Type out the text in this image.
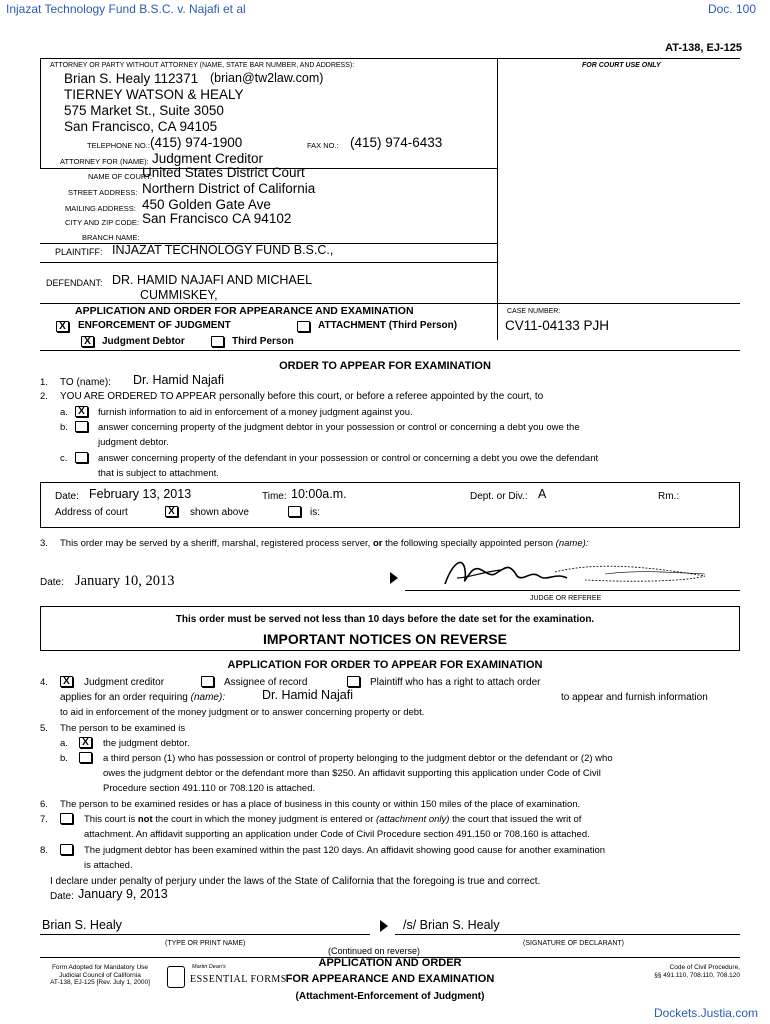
Injazat Technology Fund B.S.C. v. Najafi et al	Doc. 100
AT-138, EJ-125
ATTORNEY OR PARTY WITHOUT ATTORNEY (NAME, STATE BAR NUMBER, AND ADDRESS):	FOR COURT USE ONLY
Brian S. Healy 112371 (brian@tw2law.com)
TIERNEY WATSON & HEALY
575 Market St., Suite 3050
San Francisco, CA 94105
TELEPHONE NO.: (415) 974-1900	FAX NO.: (415) 974-6433
ATTORNEY FOR (NAME): Judgment Creditor
NAME OF COURT:
United States District Court
STREET ADDRESS: Northern District of California
MAILING ADDRESS: 450 Golden Gate Ave
CITY AND ZIP CODE: San Francisco CA 94102
BRANCH NAME:
PLAINTIFF: INJAZAT TECHNOLOGY FUND B.S.C.,
DEFENDANT: DR. HAMID NAJAFI AND MICHAEL
CUMMISKEY,
APPLICATION AND ORDER FOR APPEARANCE AND EXAMINATION	CASE NUMBER:
CV11-04133 PJH
X	ENFORCEMENT OF JUDGMENT	ATTACHMENT (Third Person)
X	Judgment Debtor	Third Person
ORDER TO APPEAR FOR EXAMINATION
1. TO (name): Dr. Hamid Najafi
2. YOU ARE ORDERED TO APPEAR personally before this court, or before a referee appointed by the court, to
a.	X	furnish information to aid in enforcement of a money judgment against you.
b.	answer concerning property of the judgment debtor in your possession or control or concerning a debt you owe the
judgment debtor.
c.	answer concerning property of the defendant in your possession or control or concerning a debt you owe the defendant
that is subject to attachment.
Date: February 13, 2013	Time: 10:00a.m.	Dept. or Div.: A	Rm.:
Address of court	X	shown above	is:
3. This order may be served by a sheriff, marshal, registered process server, or the following specially appointed person (name):
Date: January 10, 2013
JUDGE OR REFEREE
This order must be served not less than 10 days before the date set for the examination.
IMPORTANT NOTICES ON REVERSE
APPLICATION FOR ORDER TO APPEAR FOR EXAMINATION
4.	X	Judgment creditor	Assignee of record	Plaintiff who has a right to attach order
applies for an order requiring (name):	Dr. Hamid Najafi	to appear and furnish information
to aid in enforcement of the money judgment or to answer concerning property or debt.
5. The person to be examined is
a.	X	the judgment debtor.
b.	a third person (1) who has possession or control of property belonging to the judgment debtor or the defendant or (2) who
owes the judgment debtor or the defendant more than $250. An affidavit supporting this application under Code of Civil
Procedure section 491.110 or 708.120 is attached.
6. The person to be examined resides or has a place of business in this county or within 150 miles of the place of examination.
7.	This court is not the court in which the money judgment is entered or (attachment only) the court that issued the writ of
attachment. An affidavit supporting an application under Code of Civil Procedure section 491.150 or 708.160 is attached.
8.	The judgment debtor has been examined within the past 120 days. An affidavit showing good cause for another examination
is attached.
I declare under penalty of perjury under the laws of the State of California that the foregoing is true and correct.
Date: January 9, 2013
Brian S. Healy	/s/ Brian S. Healy
(TYPE OR PRINT NAME)	(SIGNATURE OF DECLARANT)
(Continued on reverse)
Form Adopted for Mandatory Use
Judicial Council of California
AT-138, EJ-125 [Rev. July 1, 2000]
Martin Dean's
ESSENTIAL FORMS
APPLICATION AND ORDER
FOR APPEARANCE AND EXAMINATION
(Attachment-Enforcement of Judgment)
Code of Civil Procedure,
§§ 491.110, 708.110, 708.120
Dockets.Justia.com
